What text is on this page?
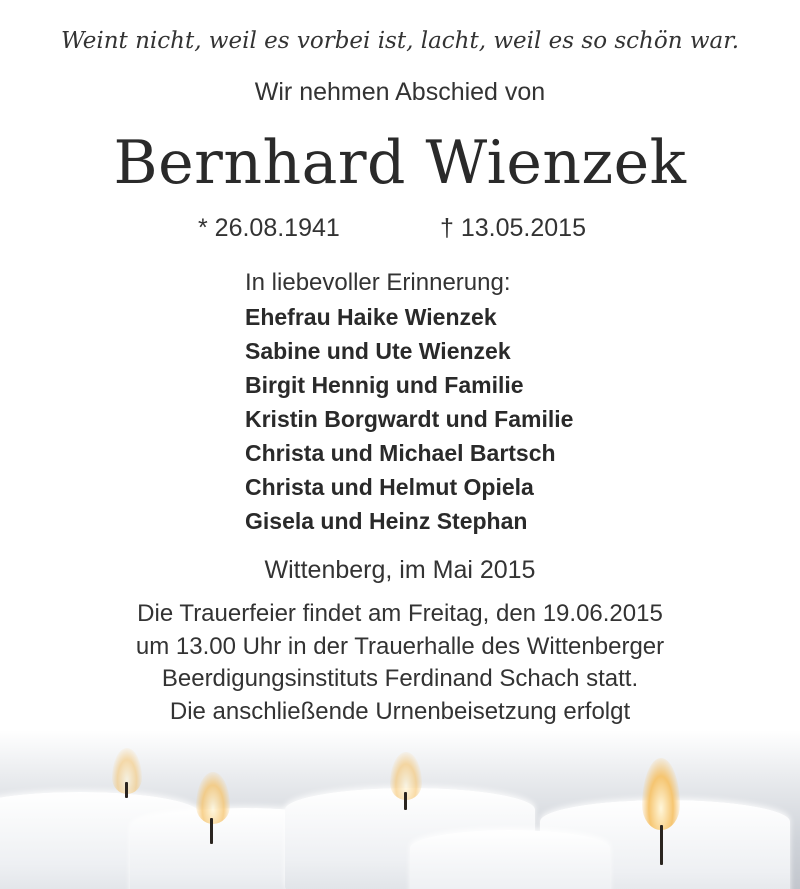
Weint nicht, weil es vorbei ist, lacht, weil es so schön war.
Wir nehmen Abschied von
Bernhard Wienzek
* 26.08.1941	† 13.05.2015
In liebevoller Erinnerung:
Ehefrau Haike Wienzek
Sabine und Ute Wienzek
Birgit Hennig und Familie
Kristin Borgwardt und Familie
Christa und Michael Bartsch
Christa und Helmut Opiela
Gisela und Heinz Stephan
Wittenberg, im Mai 2015
Die Trauerfeier findet am Freitag, den 19.06.2015
um 13.00 Uhr in der Trauerhalle des Wittenberger
Beerdigungsinstituts Ferdinand Schach statt.
Die anschließende Urnenbeisetzung erfolgt
